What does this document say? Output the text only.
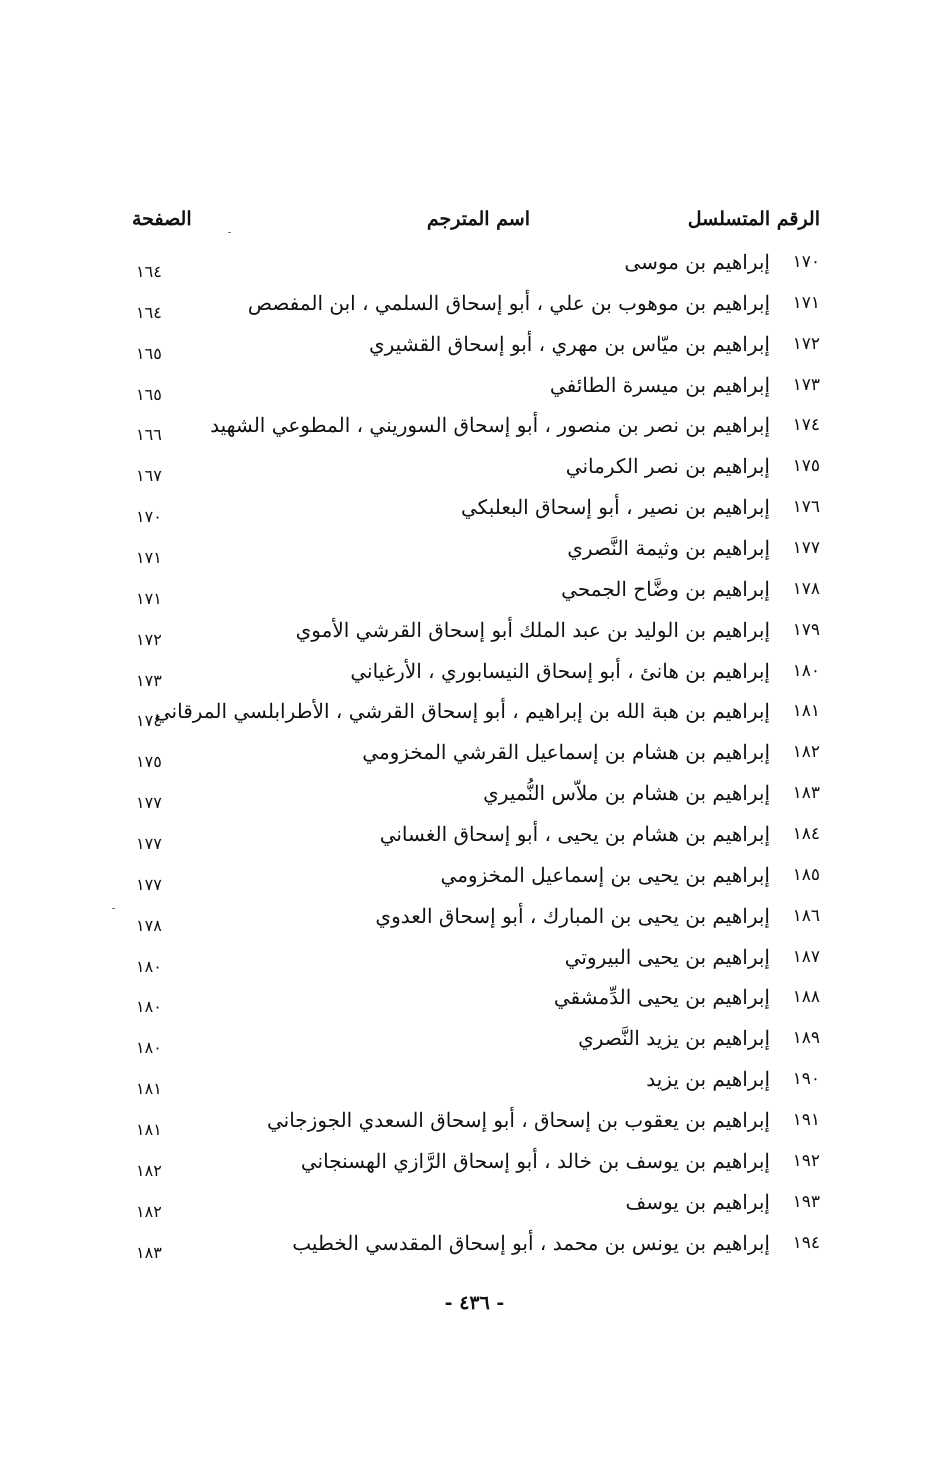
الرقم المتسلسل
اسم المترجم
الصفحة
١٧٠
إبراهيم بن موسى
١٦٤
١٧١
إبراهيم بن موهوب بن علي ، أبو إسحاق السلمي ، ابن المفصص
١٦٤
١٧٢
إبراهيم بن ميّاس بن مهري ، أبو إسحاق القشيري
١٦٥
١٧٣
إبراهيم بن ميسرة الطائفي
١٦٥
١٧٤
إبراهيم بن نصر بن منصور ، أبو إسحاق السوريني ، المطوعي الشهيد
١٦٦
١٧٥
إبراهيم بن نصر الكرماني
١٦٧
١٧٦
إبراهيم بن نصير ، أبو إسحاق البعلبكي
١٧٠
١٧٧
إبراهيم بن وثيمة النَّصري
١٧١
١٧٨
إبراهيم بن وضَّاح الجمحي
١٧١
١٧٩
إبراهيم بن الوليد بن عبد الملك أبو إسحاق القرشي الأموي
١٧٢
١٨٠
إبراهيم بن هانئ ، أبو إسحاق النيسابوري ، الأرغياني
١٧٣
١٨١
إبراهيم بن هبة الله بن إبراهيم ، أبو إسحاق القرشي ، الأطرابلسي المرقاني
١٧٤
١٨٢
إبراهيم بن هشام بن إسماعيل القرشي المخزومي
١٧٥
١٨٣
إبراهيم بن هشام بن ملاّس النُّميري
١٧٧
١٨٤
إبراهيم بن هشام بن يحيى ، أبو إسحاق الغساني
١٧٧
١٨٥
إبراهيم بن يحيى بن إسماعيل المخزومي
١٧٧
١٨٦
إبراهيم بن يحيى بن المبارك ، أبو إسحاق العدوي
١٧٨
١٨٧
إبراهيم بن يحيى البيروتي
١٨٠
١٨٨
إبراهيم بن يحيى الدِّمشقي
١٨٠
١٨٩
إبراهيم بن يزيد النَّصري
١٨٠
١٩٠
إبراهيم بن يزيد
١٨١
١٩١
إبراهيم بن يعقوب بن إسحاق ، أبو إسحاق السعدي الجوزجاني
١٨١
١٩٢
إبراهيم بن يوسف بن خالد ، أبو إسحاق الرَّازي الهسنجاني
١٨٢
١٩٣
إبراهيم بن يوسف
١٨٢
١٩٤
إبراهيم بن يونس بن محمد ، أبو إسحاق المقدسي الخطيب
١٨٣
- ٤٣٦ -
